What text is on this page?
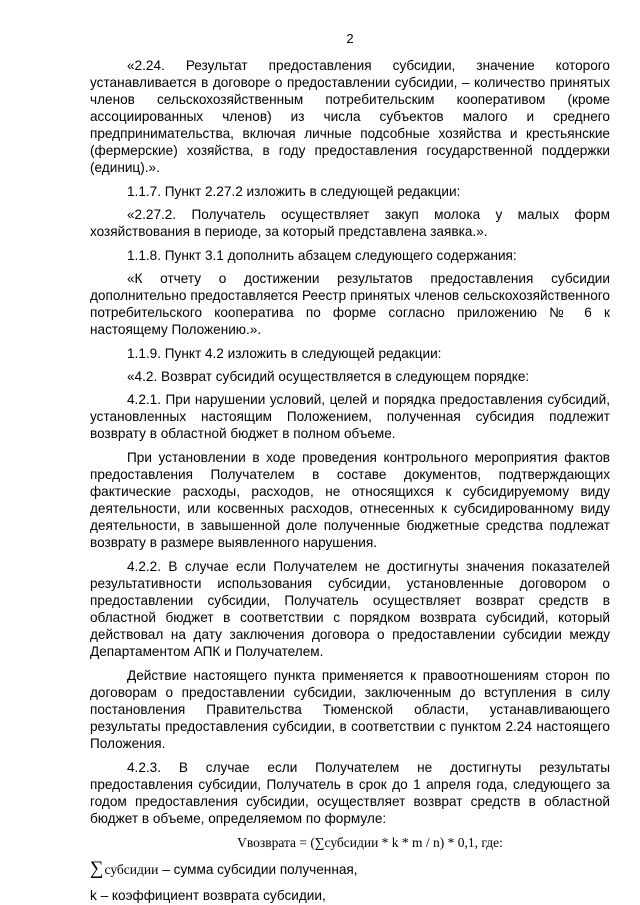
2

«2.24. Результат предоставления субсидии, значение которого устанавливается в договоре о предоставлении субсидии, – количество принятых членов сельскохозяйственным потребительским кооперативом (кроме ассоциированных членов) из числа субъектов малого и среднего предпринимательства, включая личные подсобные хозяйства и крестьянские (фермерские) хозяйства, в году предоставления государственной поддержки (единиц).».

1.1.7. Пункт 2.27.2 изложить в следующей редакции:

«2.27.2. Получатель осуществляет закуп молока у малых форм хозяйствования в периоде, за который представлена заявка.».

1.1.8. Пункт 3.1 дополнить абзацем следующего содержания:

«К отчету о достижении результатов предоставления субсидии дополнительно предоставляется Реестр принятых членов сельскохозяйственного потребительского кооператива по форме согласно приложению № 6 к настоящему Положению.».

1.1.9. Пункт 4.2 изложить в следующей редакции:

«4.2. Возврат субсидий осуществляется в следующем порядке:

4.2.1. При нарушении условий, целей и порядка предоставления субсидий, установленных настоящим Положением, полученная субсидия подлежит возврату в областной бюджет в полном объеме.

При установлении в ходе проведения контрольного мероприятия фактов предоставления Получателем в составе документов, подтверждающих фактические расходы, расходов, не относящихся к субсидируемому виду деятельности, или косвенных расходов, отнесенных к субсидированному виду деятельности, в завышенной доле полученные бюджетные средства подлежат возврату в размере выявленного нарушения.

4.2.2. В случае если Получателем не достигнуты значения показателей результативности использования субсидии, установленные договором о предоставлении субсидии, Получатель осуществляет возврат средств в областной бюджет в соответствии с порядком возврата субсидий, который действовал на дату заключения договора о предоставлении субсидии между Департаментом АПК и Получателем.

Действие настоящего пункта применяется к правоотношениям сторон по договорам о предоставлении субсидии, заключенным до вступления в силу постановления Правительства Тюменской области, устанавливающего результаты предоставления субсидии, в соответствии с пунктом 2.24 настоящего Положения.

4.2.3. В случае если Получателем не достигнуты результаты предоставления субсидии, Получатель в срок до 1 апреля года, следующего за годом предоставления субсидии, осуществляет возврат средств в областной бюджет в объеме, определяемом по формуле:

Vвозврата = (∑субсидии * k * m / n) * 0,1, где:
∑субсидии – сумма субсидии полученная,

k – коэффициент возврата субсидии,
